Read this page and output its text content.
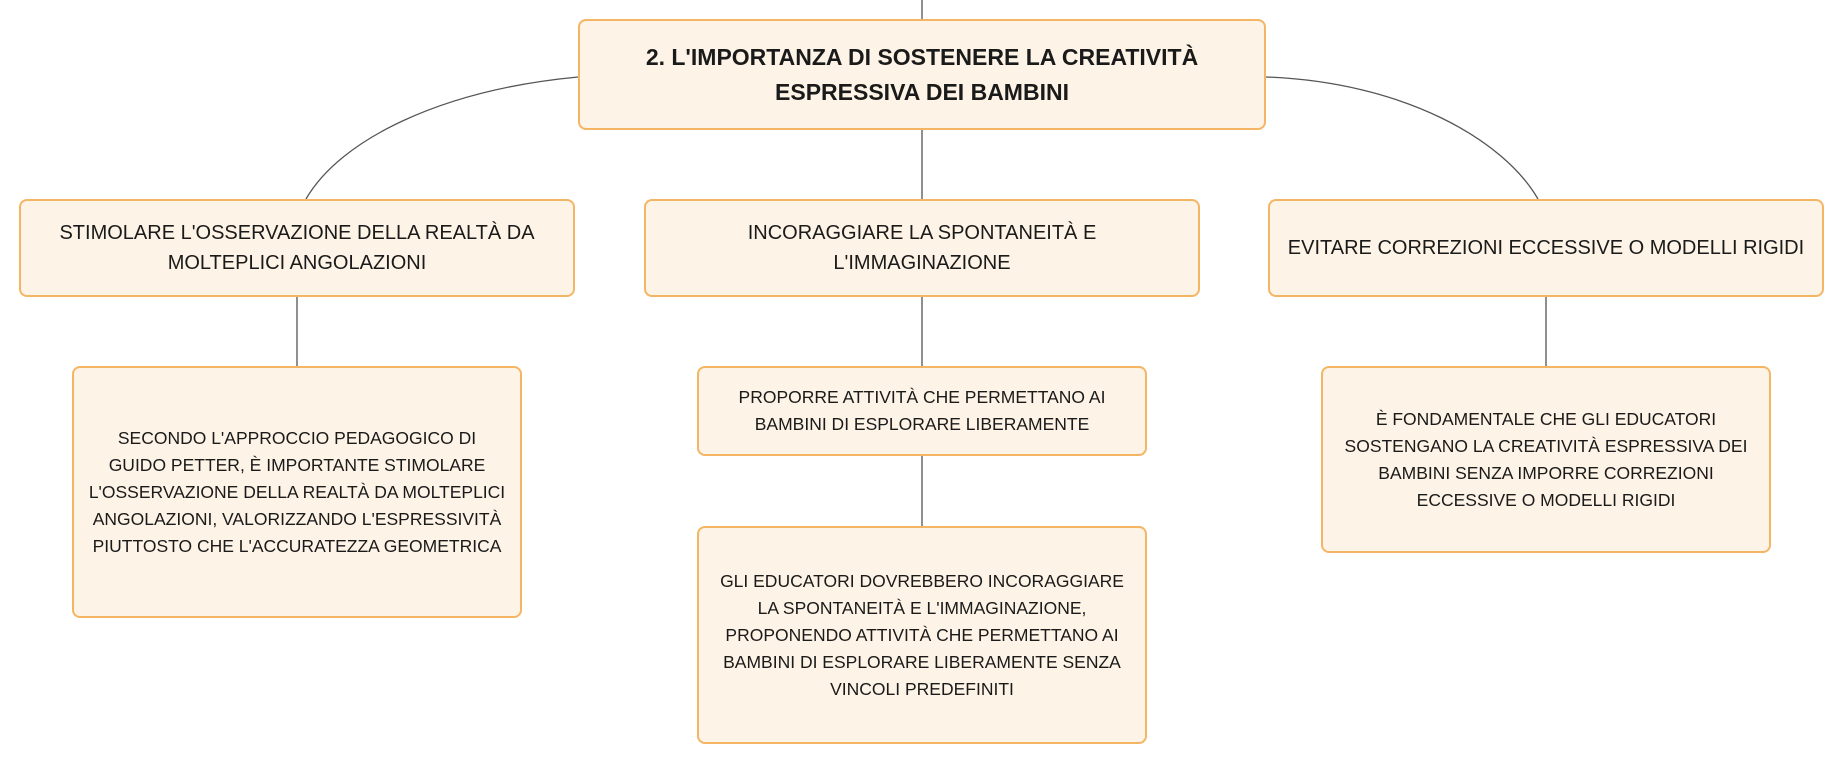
2. L'IMPORTANZA DI SOSTENERE LA CREATIVITÀ ESPRESSIVA DEI BAMBINI
STIMOLARE L'OSSERVAZIONE DELLA REALTÀ DA MOLTEPLICI ANGOLAZIONI
INCORAGGIARE LA SPONTANEITÀ E L'IMMAGINAZIONE
EVITARE CORREZIONI ECCESSIVE O MODELLI RIGIDI
SECONDO L'APPROCCIO PEDAGOGICO DI GUIDO PETTER, È IMPORTANTE STIMOLARE L'OSSERVAZIONE DELLA REALTÀ DA MOLTEPLICI ANGOLAZIONI, VALORIZZANDO L'ESPRESSIVITÀ PIUTTOSTO CHE L'ACCURATEZZA GEOMETRICA
PROPORRE ATTIVITÀ CHE PERMETTANO AI BAMBINI DI ESPLORARE LIBERAMENTE
GLI EDUCATORI DOVREBBERO INCORAGGIARE LA SPONTANEITÀ E L'IMMAGINAZIONE, PROPONENDO ATTIVITÀ CHE PERMETTANO AI BAMBINI DI ESPLORARE LIBERAMENTE SENZA VINCOLI PREDEFINITI
È FONDAMENTALE CHE GLI EDUCATORI SOSTENGANO LA CREATIVITÀ ESPRESSIVA DEI BAMBINI SENZA IMPORRE CORREZIONI ECCESSIVE O MODELLI RIGIDI
